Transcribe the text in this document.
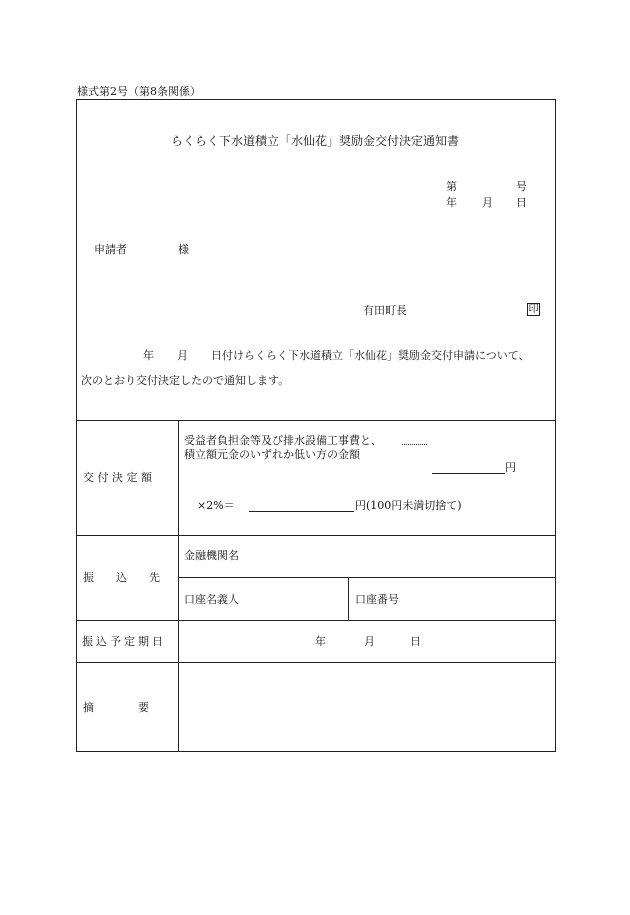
様式第2号（第8条関係）
らくらく下水道積立「水仙花」奨励金交付決定通知書
第	号
年 月 日
申請者	様
有田町長	印
年 月 日付けらくらく下水道積立「水仙花」奨励金交付申請について、
次のとおり交付決定したので通知します。
交 付 決 定 額
受益者負担金等及び排水設備工事費と、
積立額元金のいずれか低い方の金額
円
×2%＝	円(100円未満切捨て)
振　　込　　先
金融機関名
口座名義人	口座番号
振込予定期日	年	月	日
摘　　　　要
